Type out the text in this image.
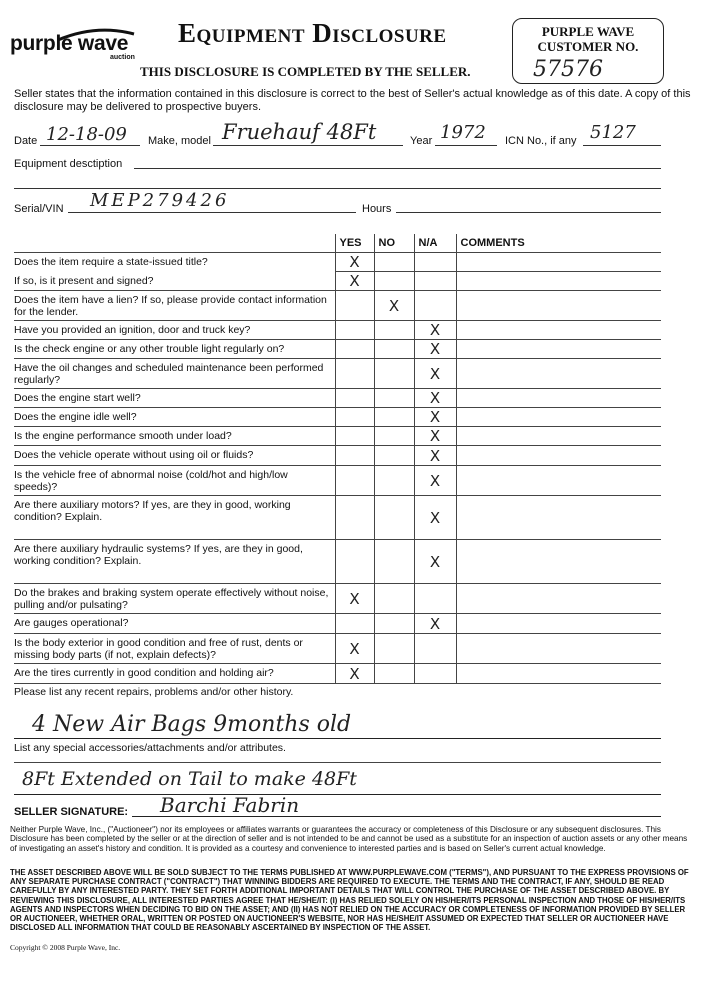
purple wave
auction
Equipment Disclosure
THIS DISCLOSURE IS COMPLETED BY THE SELLER.
PURPLE WAVE
CUSTOMER NO.
57576
Seller states that the information contained in this disclosure is correct to the best of Seller's actual knowledge as of this date. A copy of this disclosure may be delivered to prospective buyers.
Date 12-18-09 Make, model Fruehauf 48Ft	Year 1972 ICN No., if any 5127
Equipment desctiption
Serial/VIN MEP279426	Hours
	YES	NO	N/A	COMMENTS
Does the item require a state-issued title?	X			
If so, is it present and signed?	X			
Does the item have a lien? If so, please provide contact information for the lender.		X		
Have you provided an ignition, door and truck key?			X	
Is the check engine or any other trouble light regularly on?			X	
Have the oil changes and scheduled maintenance been performed regularly?			X	
Does the engine start well?			X	
Does the engine idle well?			X	
Is the engine performance smooth under load?			X	
Does the vehicle operate without using oil or fluids?			X	
Is the vehicle free of abnormal noise (cold/hot and high/low speeds)?			X	
Are there auxiliary motors? If yes, are they in good, working condition? Explain.			X	
Are there auxiliary hydraulic systems? If yes, are they in good, working condition? Explain.			X	
Do the brakes and braking system operate effectively without noise, pulling and/or pulsating?	X			
Are gauges operational?			X	
Is the body exterior in good condition and free of rust, dents or missing body parts (if not, explain defects)?	X			
Are the tires currently in good condition and holding air?	X			
Please list any recent repairs, problems and/or other history.
4 New Air Bags 9months old
List any special accessories/attachments and/or attributes.
8Ft Extended on Tail to make 48Ft
SELLER SIGNATURE: Barchi Fabrin
Neither Purple Wave, Inc., ("Auctioneer") nor its employees or affiliates warrants or guarantees the accuracy or completeness of this Disclosure or any subsequent disclosures. This Disclosure has been completed by the seller or at the direction of seller and is not intended to be and cannot be used as a substitute for an inspection of auction assets or any other means of investigating an asset's history and condition. It is provided as a courtesy and convenience to interested parties and is based on Seller's current actual knowledge.
THE ASSET DESCRIBED ABOVE WILL BE SOLD SUBJECT TO THE TERMS PUBLISHED AT WWW.PURPLEWAVE.COM ("TERMS"), AND PURSUANT TO THE EXPRESS PROVISIONS OF ANY SEPARATE PURCHASE CONTRACT ("CONTRACT") THAT WINNING BIDDERS ARE REQUIRED TO EXECUTE. THE TERMS AND THE CONTRACT, IF ANY, SHOULD BE READ CAREFULLY BY ANY INTERESTED PARTY. THEY SET FORTH ADDITIONAL IMPORTANT DETAILS THAT WILL CONTROL THE PURCHASE OF THE ASSET DESCRIBED ABOVE. BY REVIEWING THIS DISCLOSURE, ALL INTERESTED PARTIES AGREE THAT HE/SHE/IT: (I) HAS RELIED SOLELY ON HIS/HER/ITS PERSONAL INSPECTION AND THOSE OF HIS/HER/ITS AGENTS AND INSPECTORS WHEN DECIDING TO BID ON THE ASSET; AND (II) HAS NOT RELIED ON THE ACCURACY OR COMPLETENESS OF INFORMATION PROVIDED BY SELLER OR AUCTIONEER, WHETHER ORAL, WRITTEN OR POSTED ON AUCTIONEER'S WEBSITE, NOR HAS HE/SHE/IT ASSUMED OR EXPECTED THAT SELLER OR AUCTIONEER HAVE DISCLOSED ALL INFORMATION THAT COULD BE REASONABLY ASCERTAINED BY INSPECTION OF THE ASSET.
Copyright © 2008 Purple Wave, Inc.
